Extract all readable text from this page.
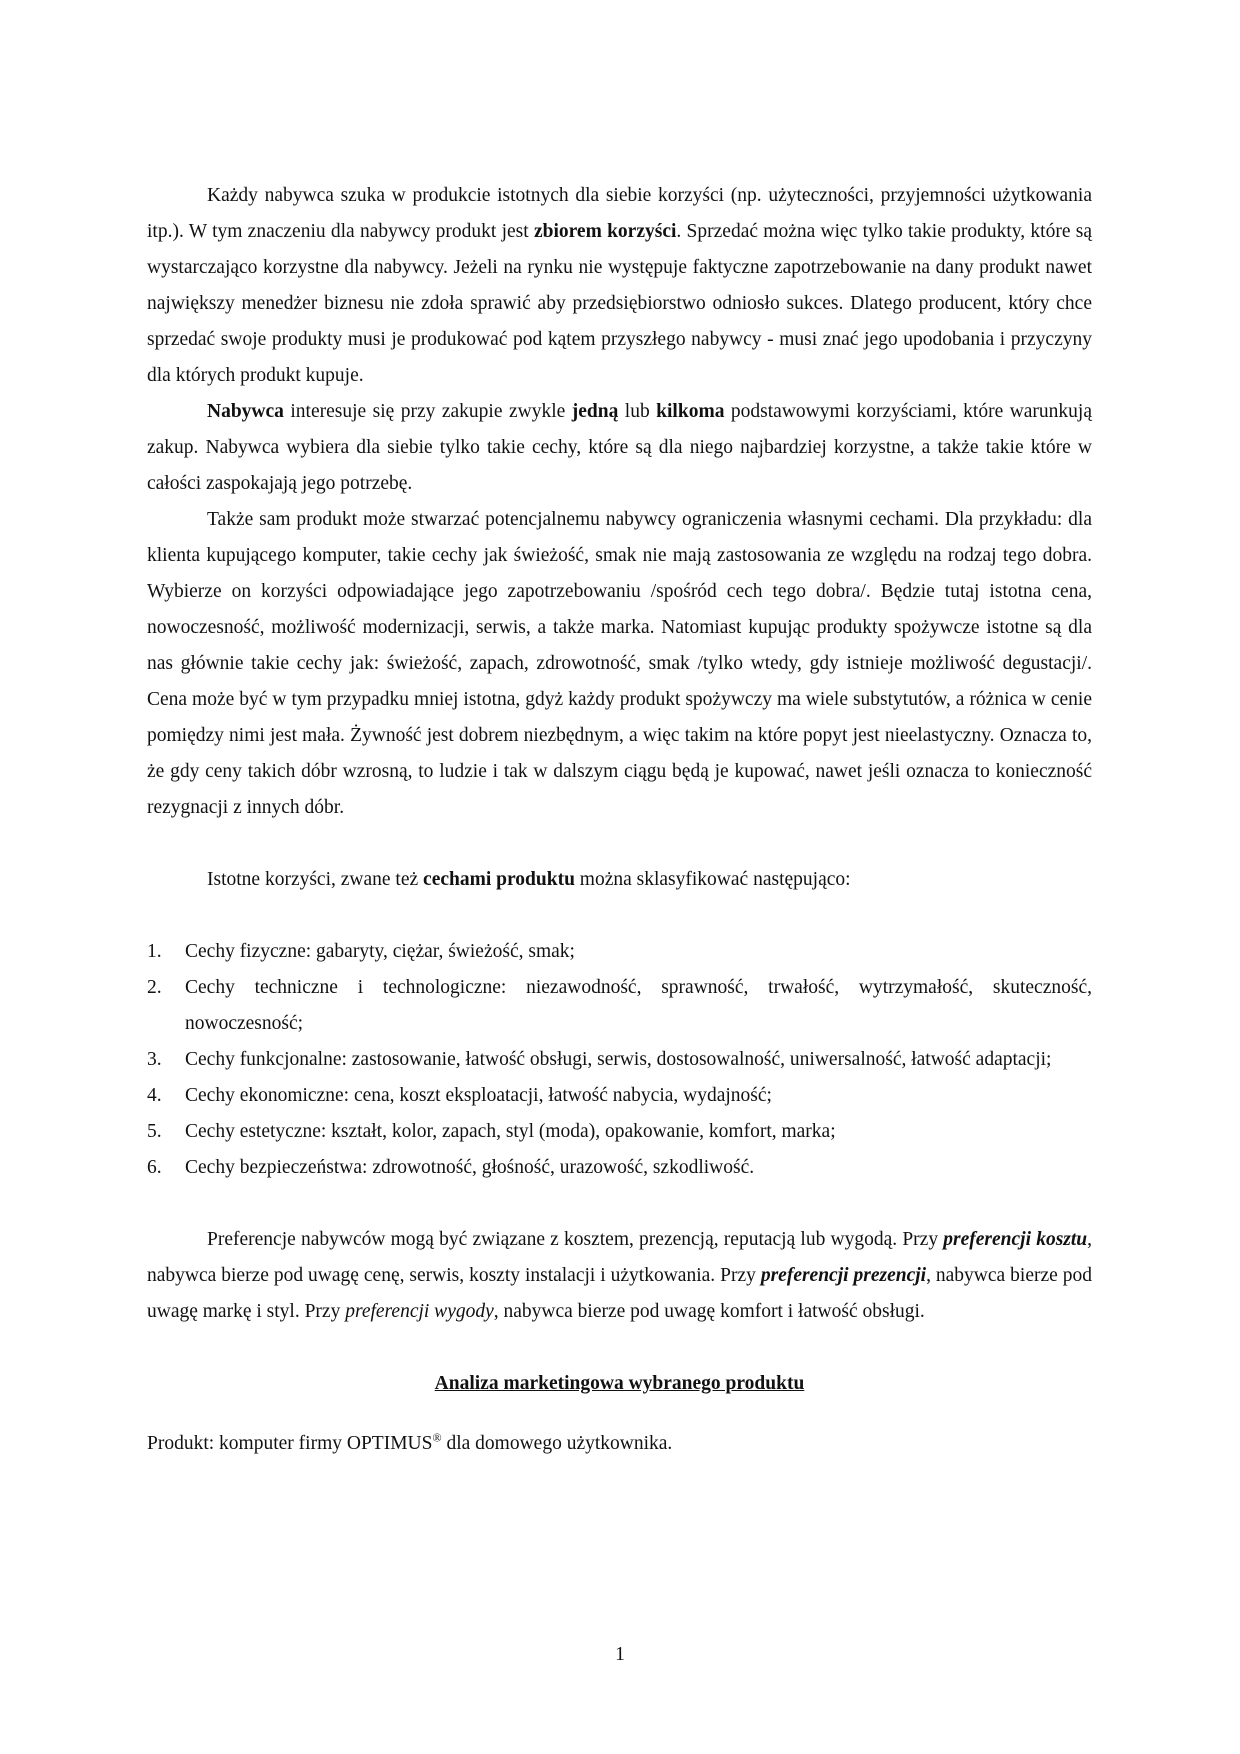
Każdy nabywca szuka w produkcie istotnych dla siebie korzyści (np. użyteczności, przyjemności użytkowania itp.). W tym znaczeniu dla nabywcy produkt jest zbiorem korzyści. Sprzedać można więc tylko takie produkty, które są wystarczająco korzystne dla nabywcy. Jeżeli na rynku nie występuje faktyczne zapotrzebowanie na dany produkt nawet największy menedżer biznesu nie zdoła sprawić aby przedsiębiorstwo odniosło sukces. Dlatego producent, który chce sprzedać swoje produkty musi je produkować pod kątem przyszłego nabywcy - musi znać jego upodobania i przyczyny dla których produkt kupuje.

Nabywca interesuje się przy zakupie zwykle jedną lub kilkoma podstawowymi korzyściami, które warunkują zakup. Nabywca wybiera dla siebie tylko takie cechy, które są dla niego najbardziej korzystne, a także takie które w całości zaspokajają jego potrzebę.

Także sam produkt może stwarzać potencjalnemu nabywcy ograniczenia własnymi cechami. Dla przykładu: dla klienta kupującego komputer, takie cechy jak świeżość, smak nie mają zastosowania ze względu na rodzaj tego dobra. Wybierze on korzyści odpowiadające jego zapotrzebowaniu /spośród cech tego dobra/. Będzie tutaj istotna cena, nowoczesność, możliwość modernizacji, serwis, a także marka. Natomiast kupując produkty spożywcze istotne są dla nas głównie takie cechy jak: świeżość, zapach, zdrowotność, smak /tylko wtedy, gdy istnieje możliwość degustacji/. Cena może być w tym przypadku mniej istotna, gdyż każdy produkt spożywczy ma wiele substytutów, a różnica w cenie pomiędzy nimi jest mała. Żywność jest dobrem niezbędnym, a więc takim na które popyt jest nieelastyczny. Oznacza to, że gdy ceny takich dóbr wzrosną, to ludzie i tak w dalszym ciągu będą je kupować, nawet jeśli oznacza to konieczność rezygnacji z innych dóbr.

Istotne korzyści, zwane też cechami produktu można sklasyfikować następująco:

1.	Cechy fizyczne: gabaryty, ciężar, świeżość, smak;
2.	Cechy techniczne i technologiczne: niezawodność, sprawność, trwałość, wytrzymałość, skuteczność, nowoczesność;
3.	Cechy funkcjonalne: zastosowanie, łatwość obsługi, serwis, dostosowalność, uniwersalność, łatwość adaptacji;
4.	Cechy ekonomiczne: cena, koszt eksploatacji, łatwość nabycia, wydajność;
5.	Cechy estetyczne: kształt, kolor, zapach, styl (moda), opakowanie, komfort, marka;
6.	Cechy bezpieczeństwa: zdrowotność, głośność, urazowość, szkodliwość.

Preferencje nabywców mogą być związane z kosztem, prezencją, reputacją lub wygodą. Przy preferencji kosztu, nabywca bierze pod uwagę cenę, serwis, koszty instalacji i użytkowania. Przy preferencji prezencji, nabywca bierze pod uwagę markę i styl. Przy preferencji wygody, nabywca bierze pod uwagę komfort i łatwość obsługi.

Analiza marketingowa wybranego produktu

Produkt: komputer firmy OPTIMUS® dla domowego użytkownika.

1
